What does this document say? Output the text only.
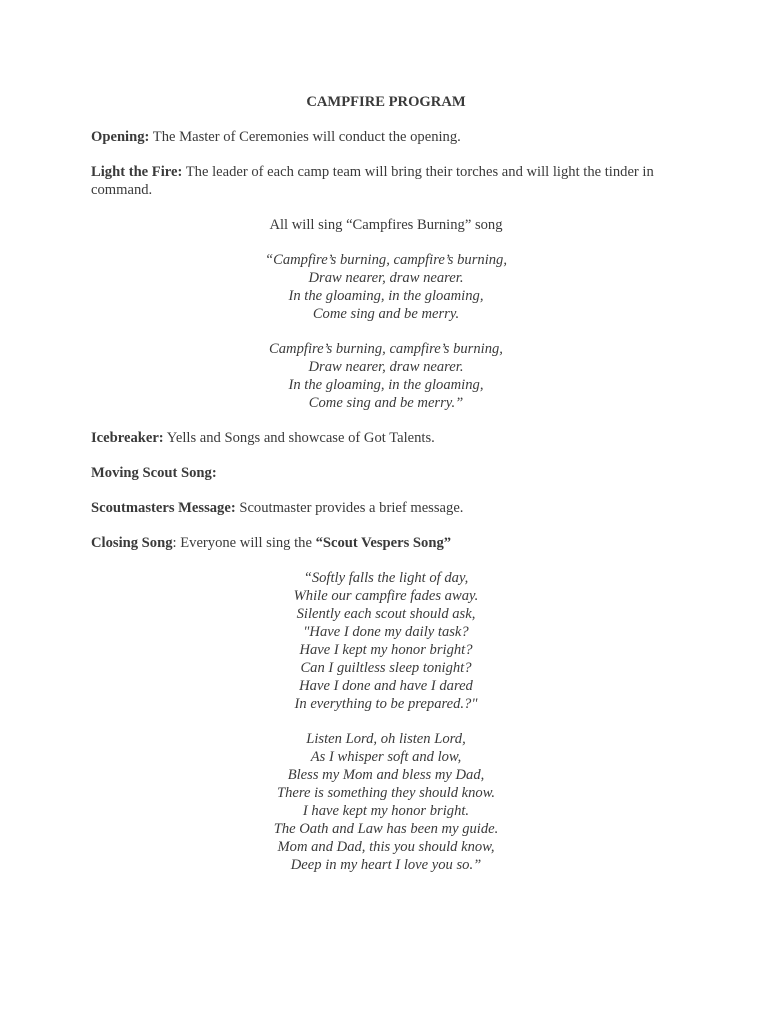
CAMPFIRE PROGRAM

Opening: The Master of Ceremonies will conduct the opening.

Light the Fire: The leader of each camp team will bring their torches and will light the tinder in command.

All will sing “Campfires Burning” song

“Campfire’s burning, campfire’s burning,
Draw nearer, draw nearer.
In the gloaming, in the gloaming,
Come sing and be merry.
Campfire’s burning, campfire’s burning,
Draw nearer, draw nearer.
In the gloaming, in the gloaming,
Come sing and be merry.”

Icebreaker: Yells and Songs and showcase of Got Talents.

Moving Scout Song:

Scoutmasters Message: Scoutmaster provides a brief message.

Closing Song: Everyone will sing the “Scout Vespers Song”

“Softly falls the light of day,
While our campfire fades away.
Silently each scout should ask,
"Have I done my daily task?
Have I kept my honor bright?
Can I guiltless sleep tonight?
Have I done and have I dared
In everything to be prepared.?"
Listen Lord, oh listen Lord,
As I whisper soft and low,
Bless my Mom and bless my Dad,
There is something they should know.
I have kept my honor bright.
The Oath and Law has been my guide.
Mom and Dad, this you should know,
Deep in my heart I love you so.”
